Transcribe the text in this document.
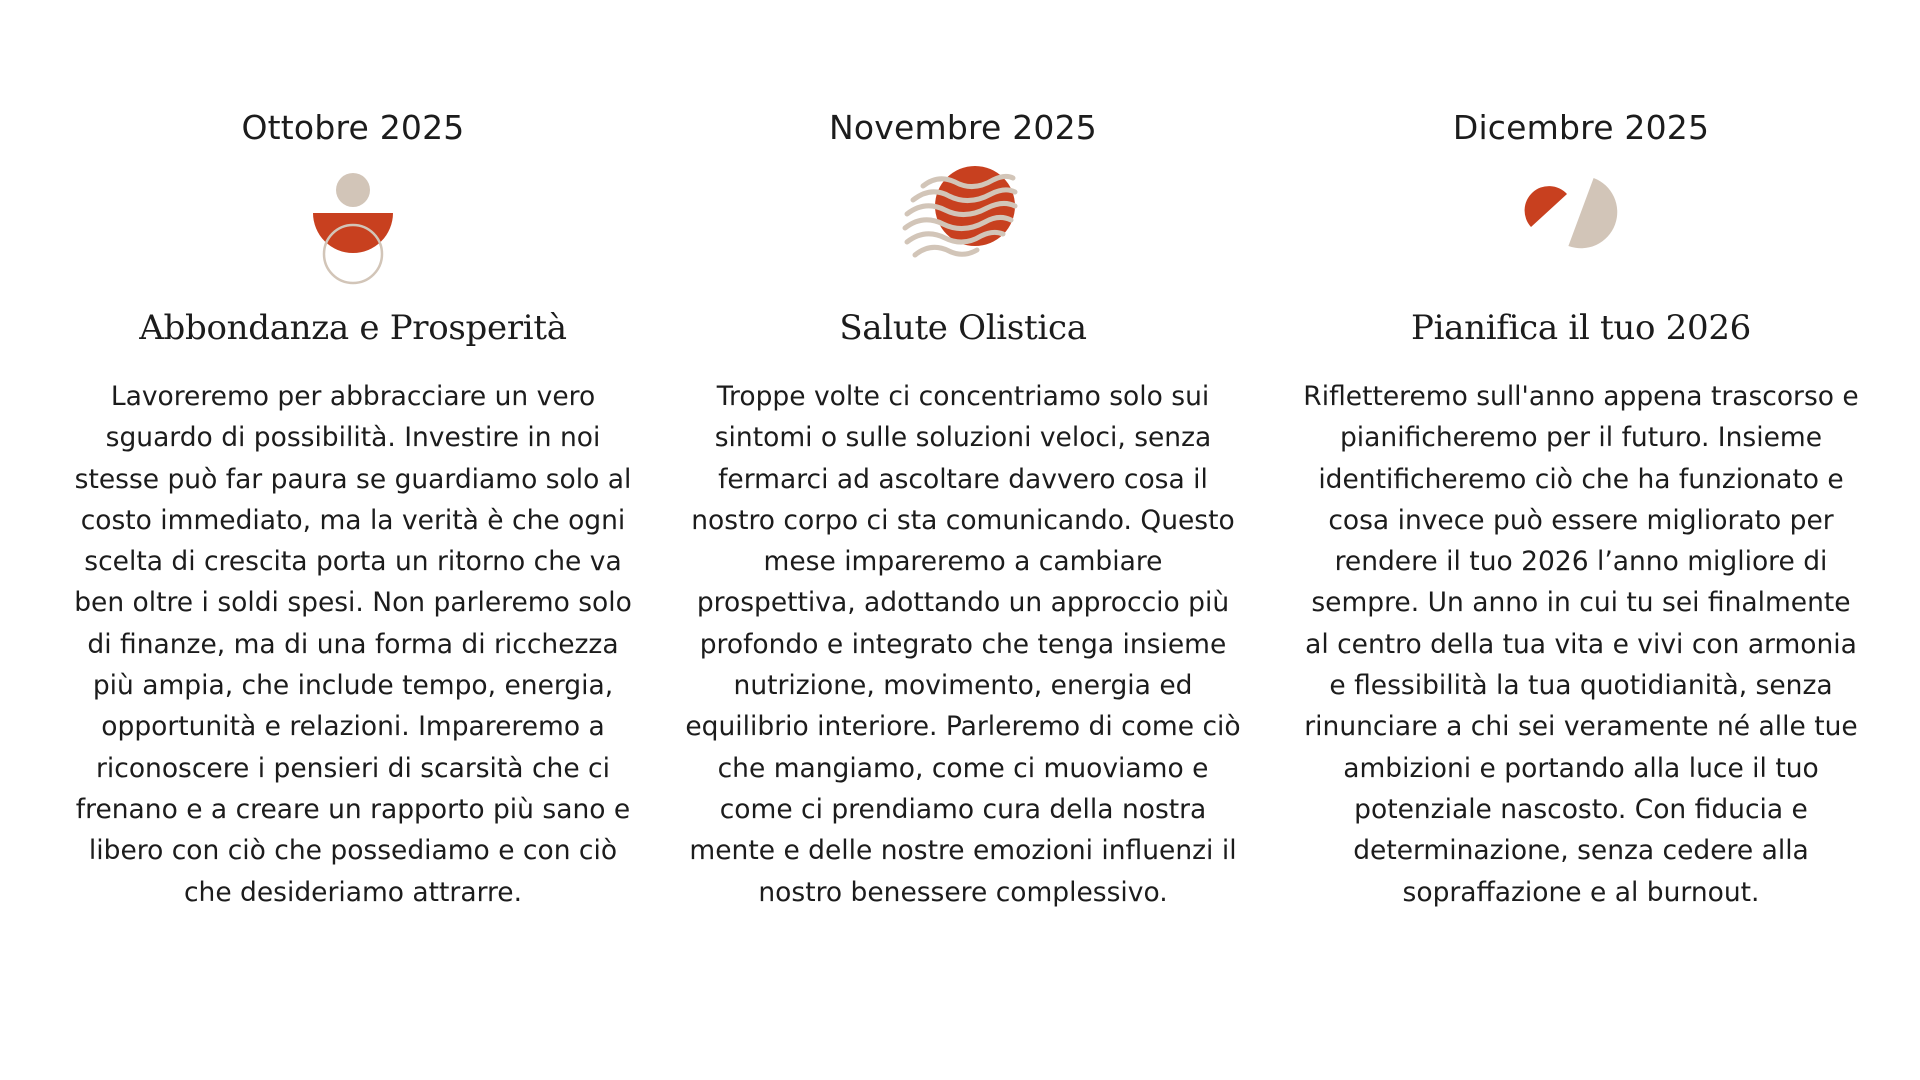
Ottobre 2025
Abbondanza e Prosperità

Lavoreremo per abbracciare un vero sguardo di possibilità. Investire in noi stesse può far paura se guardiamo solo al costo immediato, ma la verità è che ogni scelta di crescita porta un ritorno che va ben oltre i soldi spesi. Non parleremo solo di finanze, ma di una forma di ricchezza più ampia, che include tempo, energia, opportunità e relazioni. Impareremo a riconoscere i pensieri di scarsità che ci frenano e a creare un rapporto più sano e libero con ciò che possediamo e con ciò che desideriamo attrarre.

Novembre 2025
Salute Olistica

Troppe volte ci concentriamo solo sui sintomi o sulle soluzioni veloci, senza fermarci ad ascoltare davvero cosa il nostro corpo ci sta comunicando. Questo mese impareremo a cambiare prospettiva, adottando un approccio più profondo e integrato che tenga insieme nutrizione, movimento, energia ed equilibrio interiore. Parleremo di come ciò che mangiamo, come ci muoviamo e come ci prendiamo cura della nostra mente e delle nostre emozioni influenzi il nostro benessere complessivo.

Dicembre 2025
Pianifica il tuo 2026

Rifletteremo sull'anno appena trascorso e pianificheremo per il futuro. Insieme identificheremo ciò che ha funzionato e cosa invece può essere migliorato per rendere il tuo 2026 l’anno migliore di sempre. Un anno in cui tu sei finalmente al centro della tua vita e vivi con armonia e flessibilità la tua quotidianità, senza rinunciare a chi sei veramente né alle tue ambizioni e portando alla luce il tuo potenziale nascosto. Con fiducia e determinazione, senza cedere alla sopraffazione e al burnout.
